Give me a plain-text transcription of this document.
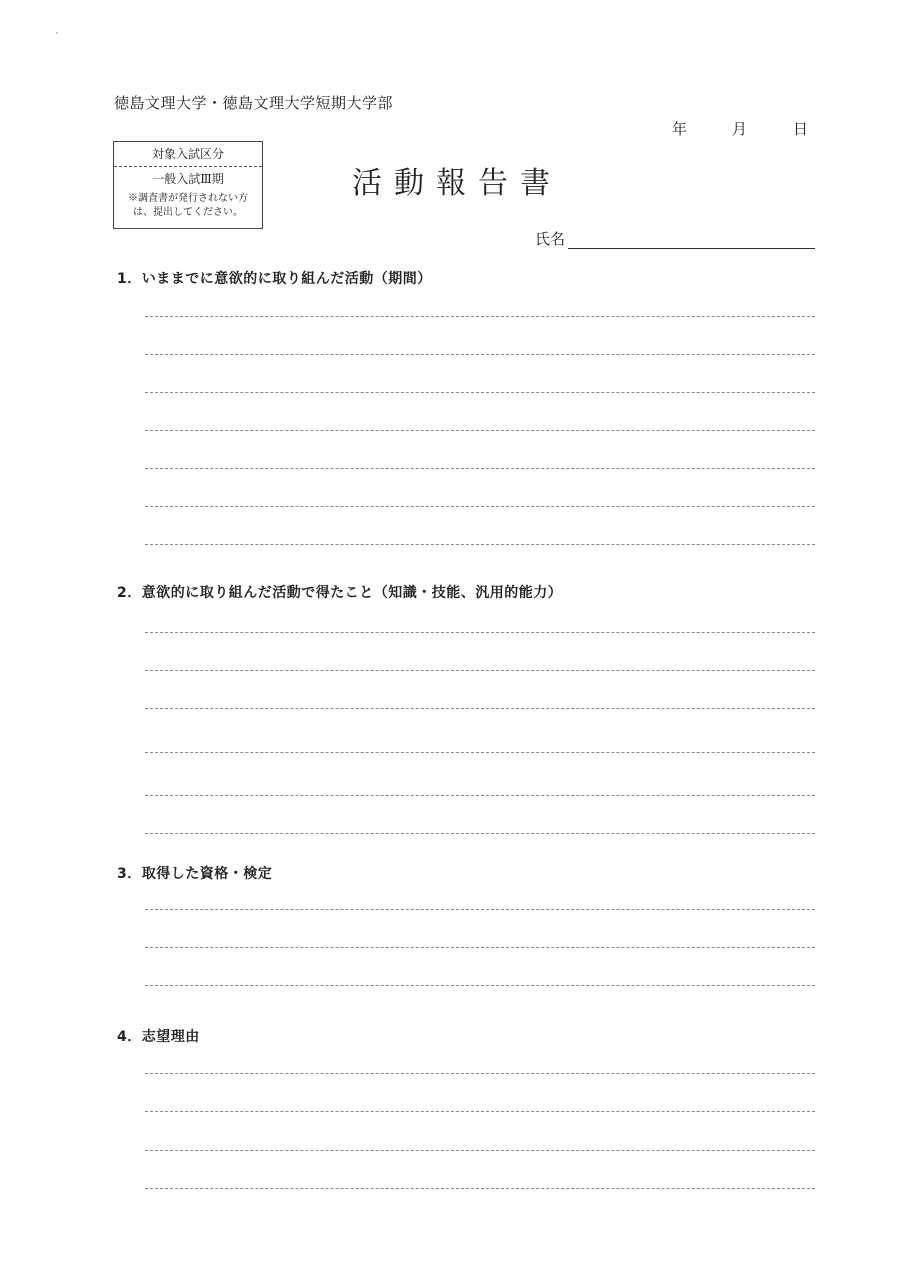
徳島文理大学・徳島文理大学短期大学部
年	月	日
対象入試区分
一般入試Ⅲ期
※調査書が発行されない方
は、提出してください。
活動報告書
氏名
1．いままでに意欲的に取り組んだ活動（期間）
2．意欲的に取り組んだ活動で得たこと（知識・技能、汎用的能力）
3．取得した資格・検定
4．志望理由
